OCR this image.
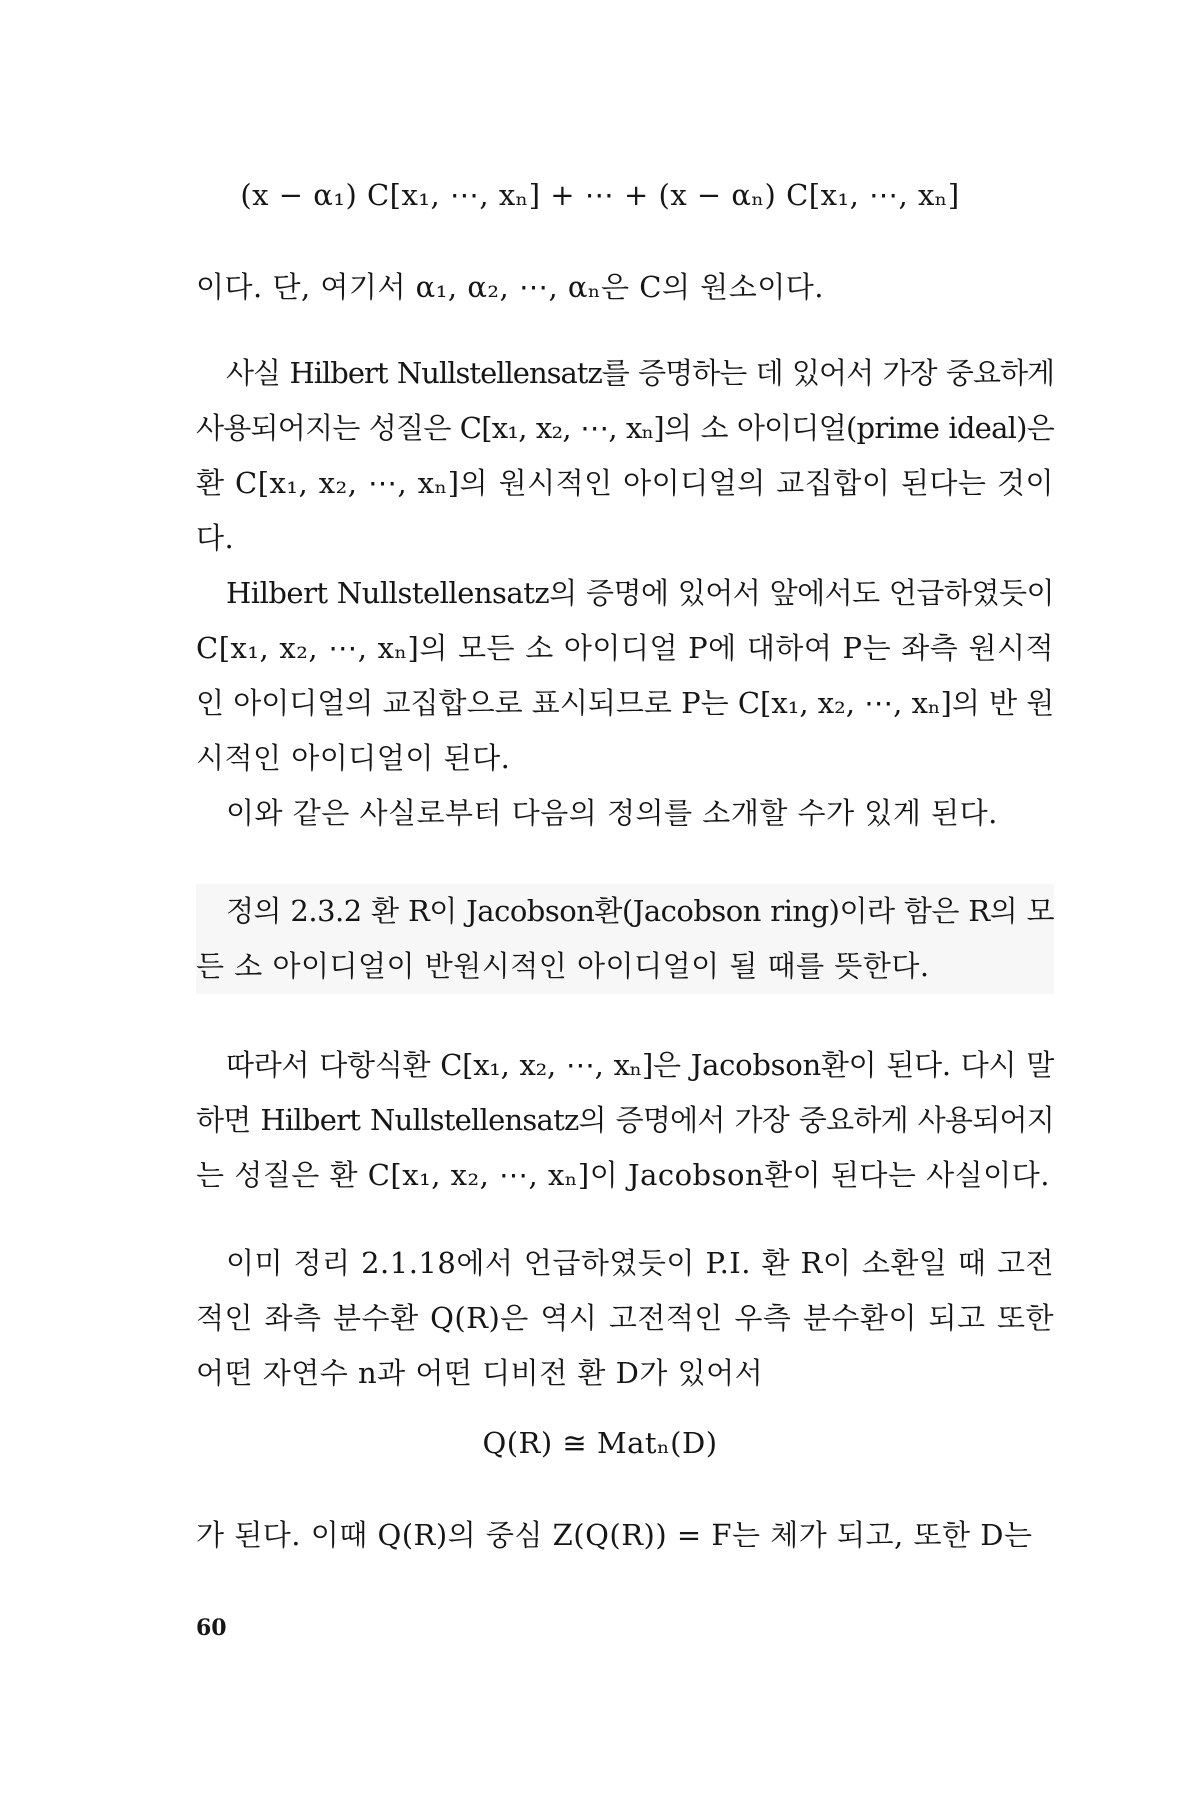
(x − α₁) C[x₁, ⋯, xₙ] + ⋯ + (x − αₙ) C[x₁, ⋯, xₙ]
이다. 단, 여기서 α₁, α₂, ⋯, αₙ은 C의 원소이다.
사실 Hilbert Nullstellensatz를 증명하는 데 있어서 가장 중요하게
사용되어지는 성질은 C[x₁, x₂, ⋯, xₙ]의 소 아이디얼(prime ideal)은
환 C[x₁, x₂, ⋯, xₙ]의 원시적인 아이디얼의 교집합이 된다는 것이
다.
Hilbert Nullstellensatz의 증명에 있어서 앞에서도 언급하였듯이
C[x₁, x₂, ⋯, xₙ]의 모든 소 아이디얼 P에 대하여 P는 좌측 원시적
인 아이디얼의 교집합으로 표시되므로 P는 C[x₁, x₂, ⋯, xₙ]의 반 원
시적인 아이디얼이 된다.
이와 같은 사실로부터 다음의 정의를 소개할 수가 있게 된다.
정의 2.3.2 환 R이 Jacobson환(Jacobson ring)이라 함은 R의 모
든 소 아이디얼이 반원시적인 아이디얼이 될 때를 뜻한다.
따라서 다항식환 C[x₁, x₂, ⋯, xₙ]은 Jacobson환이 된다. 다시 말
하면 Hilbert Nullstellensatz의 증명에서 가장 중요하게 사용되어지
는 성질은 환 C[x₁, x₂, ⋯, xₙ]이 Jacobson환이 된다는 사실이다.
이미 정리 2.1.18에서 언급하였듯이 P.I. 환 R이 소환일 때 고전
적인 좌측 분수환 Q(R)은 역시 고전적인 우측 분수환이 되고 또한
어떤 자연수 n과 어떤 디비전 환 D가 있어서
Q(R) ≅ Matₙ(D)
가 된다. 이때 Q(R)의 중심 Z(Q(R)) = F는 체가 되고, 또한 D는
60
